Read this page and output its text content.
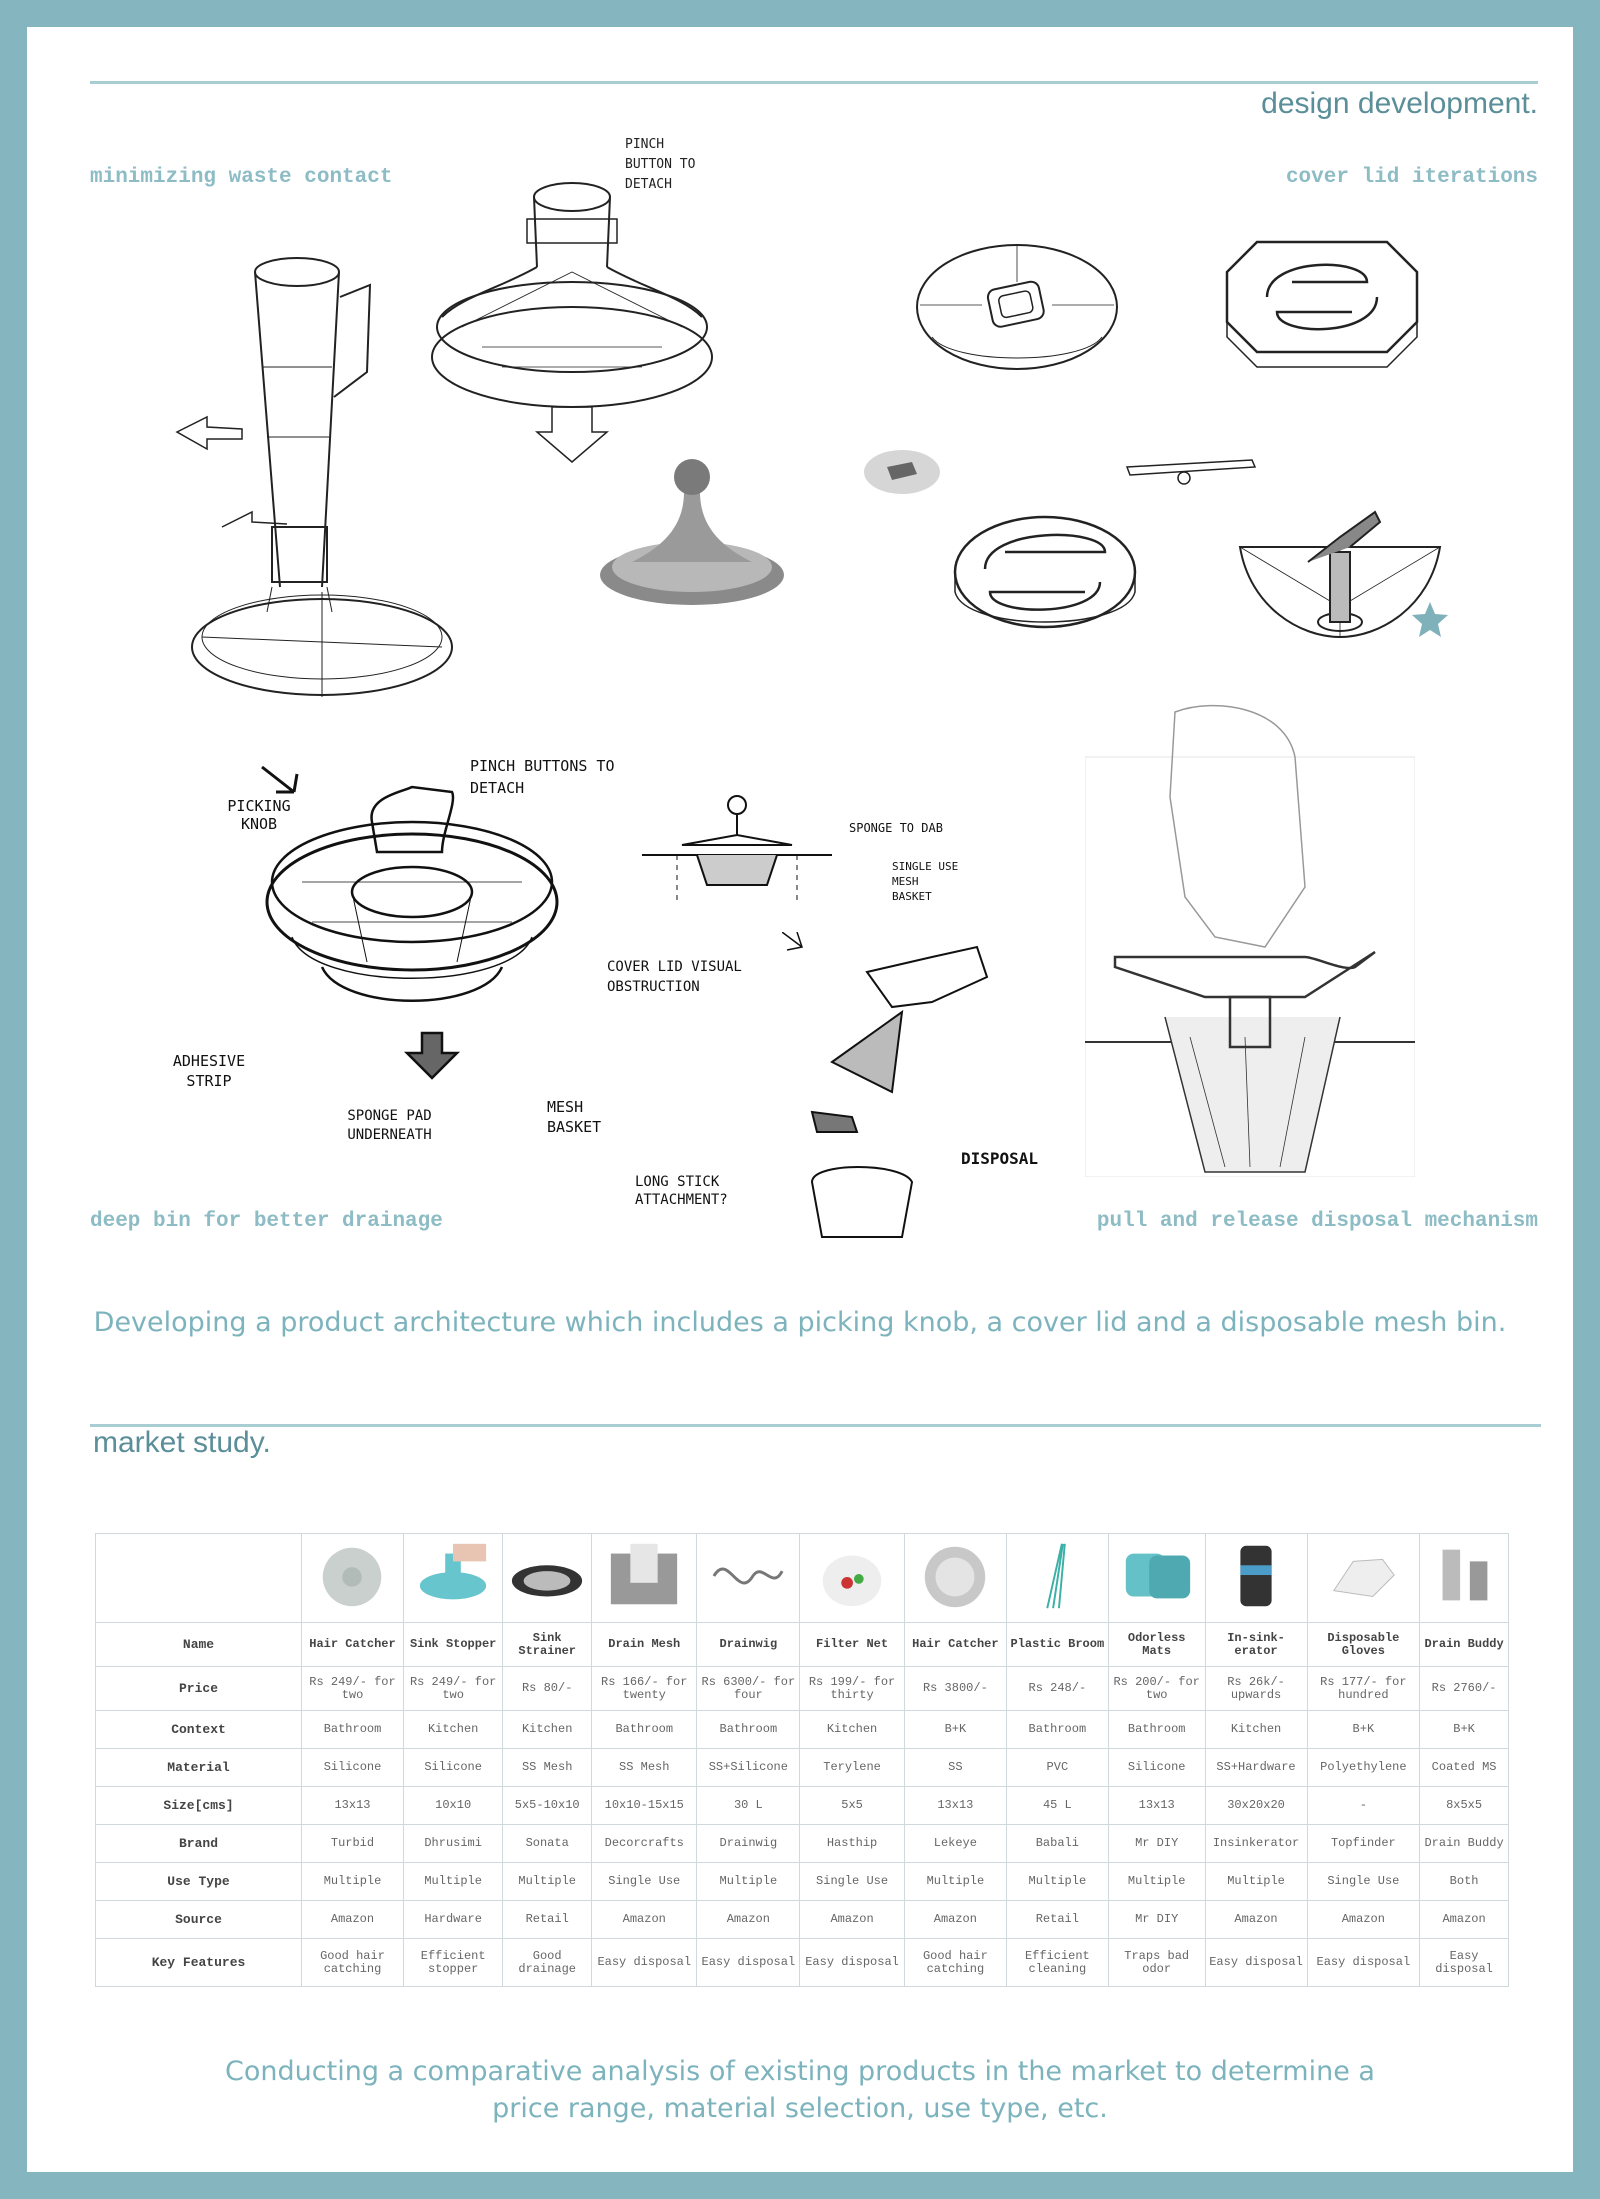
design development.
minimizing waste contact	cover lid iterations
PINCH BUTTON TO DETACH
PICKING KNOB
PINCH BUTTONS TO DETACH
ADHESIVE STRIP
COVER LID VISUAL OBSTRUCTION
SPONGE PAD UNDERNEATH
MESH BASKET
SPONGE TO DAB
SINGLE USE MESH BASKET
LONG STICK ATTACHMENT?
DISPOSAL
deep bin for better drainage	pull and release disposal mechanism
Developing a product architecture which includes a picking knob, a cover lid and a disposable mesh bin.
market study.

Name	Hair Catcher	Sink Stopper	Sink Strainer	Drain Mesh	Drainwig	Filter Net	Hair Catcher	Plastic Broom	Odorless Mats	In-sink-erator	Disposable Gloves	Drain Buddy
Price	Rs 249/- for two	Rs 249/- for two	Rs 80/-	Rs 166/- for twenty	Rs 6300/- for four	Rs 199/- for thirty	Rs 3800/-	Rs 248/-	Rs 200/- for two	Rs 26k/- upwards	Rs 177/- for hundred	Rs 2760/-
Context	Bathroom	Kitchen	Kitchen	Bathroom	Bathroom	Kitchen	B+K	Bathroom	Bathroom	Kitchen	B+K	B+K
Material	Silicone	Silicone	SS Mesh	SS Mesh	SS+Silicone	Terylene	SS	PVC	Silicone	SS+Hardware	Polyethylene	Coated MS
Size[cms]	13x13	10x10	5x5-10x10	10x10-15x15	30 L	5x5	13x13	45 L	13x13	30x20x20	-	8x5x5
Brand	Turbid	Dhrusimi	Sonata	Decorcrafts	Drainwig	Hasthip	Lekeye	Babali	Mr DIY	Insinkerator	Topfinder	Drain Buddy
Use Type	Multiple	Multiple	Multiple	Single Use	Multiple	Single Use	Multiple	Multiple	Multiple	Multiple	Single Use	Both
Source	Amazon	Hardware	Retail	Amazon	Amazon	Amazon	Amazon	Retail	Mr DIY	Amazon	Amazon	Amazon
Key Features	Good hair catching	Efficient stopper	Good drainage	Easy disposal	Easy disposal	Easy disposal	Good hair catching	Efficient cleaning	Traps bad odor	Easy disposal	Easy disposal	Easy disposal
Conducting a comparative analysis of existing products in the market to determine a price range, material selection, use type, etc.
